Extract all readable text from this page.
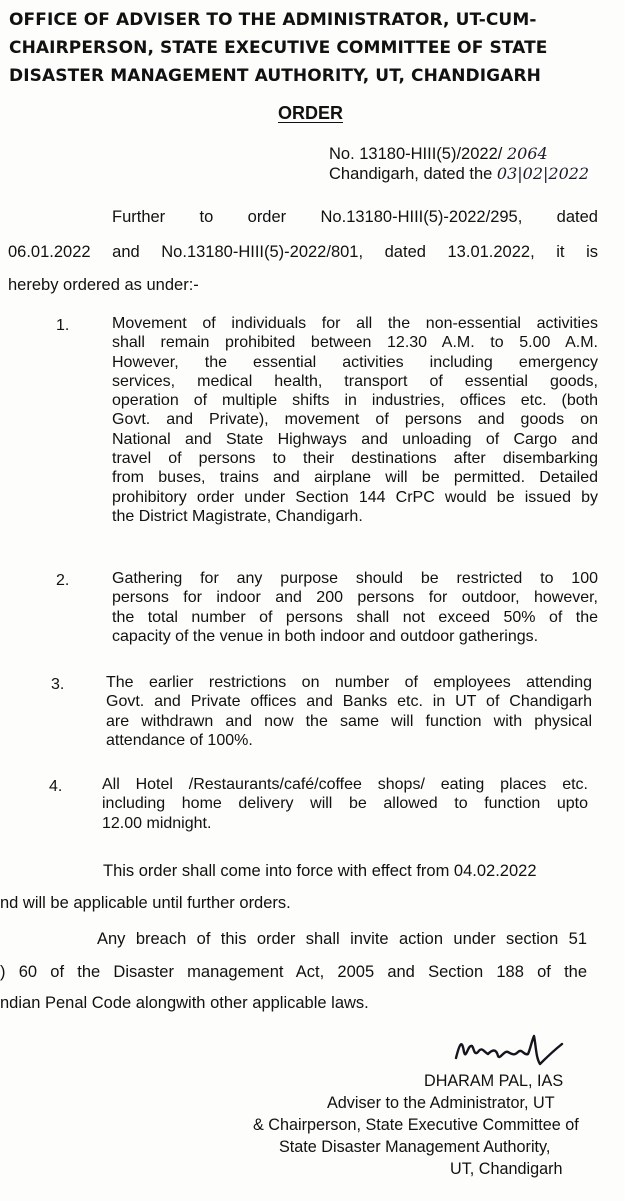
OFFICE OF ADVISER TO THE ADMINISTRATOR, UT-CUM-
CHAIRPERSON, STATE EXECUTIVE COMMITTEE OF STATE
DISASTER MANAGEMENT AUTHORITY, UT, CHANDIGARH
ORDER
No. 13180-HIII(5)/2022/ 2064
Chandigarh, dated the 03|02|2022
Further to order No.13180-HIII(5)-2022/295, dated
06.01.2022 and No.13180-HIII(5)-2022/801, dated 13.01.2022, it is
hereby ordered as under:-
1.	Movement of individuals for all the non-essential activities
shall remain prohibited between 12.30 A.M. to 5.00 A.M.
However, the essential activities including emergency
services, medical health, transport of essential goods,
operation of multiple shifts in industries, offices etc. (both
Govt. and Private), movement of persons and goods on
National and State Highways and unloading of Cargo and
travel of persons to their destinations after disembarking
from buses, trains and airplane will be permitted. Detailed
prohibitory order under Section 144 CrPC would be issued by
the District Magistrate, Chandigarh.
2.	Gathering for any purpose should be restricted to 100
persons for indoor and 200 persons for outdoor, however,
the total number of persons shall not exceed 50% of the
capacity of the venue in both indoor and outdoor gatherings.
3.	The earlier restrictions on number of employees attending
Govt. and Private offices and Banks etc. in UT of Chandigarh
are withdrawn and now the same will function with physical
attendance of 100%.
4. All Hotel /Restaurants/café/coffee shops/ eating places etc.
including home delivery will be allowed to function upto
12.00 midnight.
This order shall come into force with effect from 04.02.2022
nd will be applicable until further orders.
Any breach of this order shall invite action under section 51
) 60 of the Disaster management Act, 2005 and Section 188 of the
ndian Penal Code alongwith other applicable laws.
DHARAM PAL, IAS
Adviser to the Administrator, UT
& Chairperson, State Executive Committee of
State Disaster Management Authority,
UT, Chandigarh
